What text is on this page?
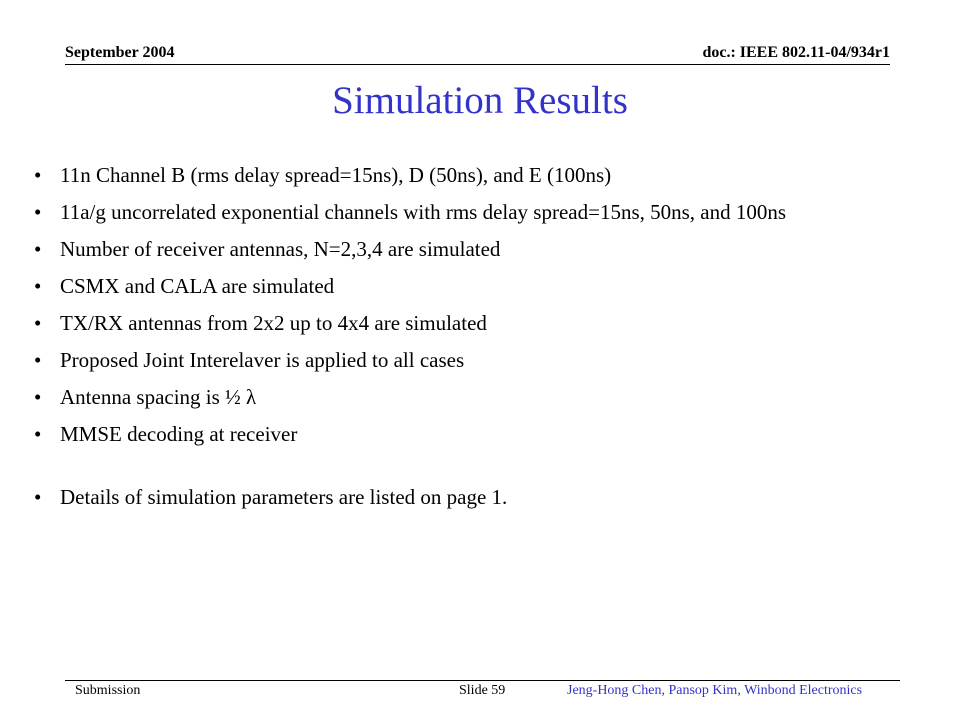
September 2004	doc.: IEEE 802.11-04/934r1
Simulation Results
• 11n Channel B (rms delay spread=15ns), D (50ns), and E (100ns)
• 11a/g uncorrelated exponential channels with rms delay spread=15ns, 50ns, and 100ns
• Number of receiver antennas, N=2,3,4 are simulated
• CSMX and CALA are simulated
• TX/RX antennas from 2x2 up to 4x4 are simulated
• Proposed Joint Interelaver is applied to all cases
• Antenna spacing is ½ λ
• MMSE decoding at receiver
• Details of simulation parameters are listed on page 1.
Submission	Slide 59	Jeng-Hong Chen, Pansop Kim, Winbond Electronics
